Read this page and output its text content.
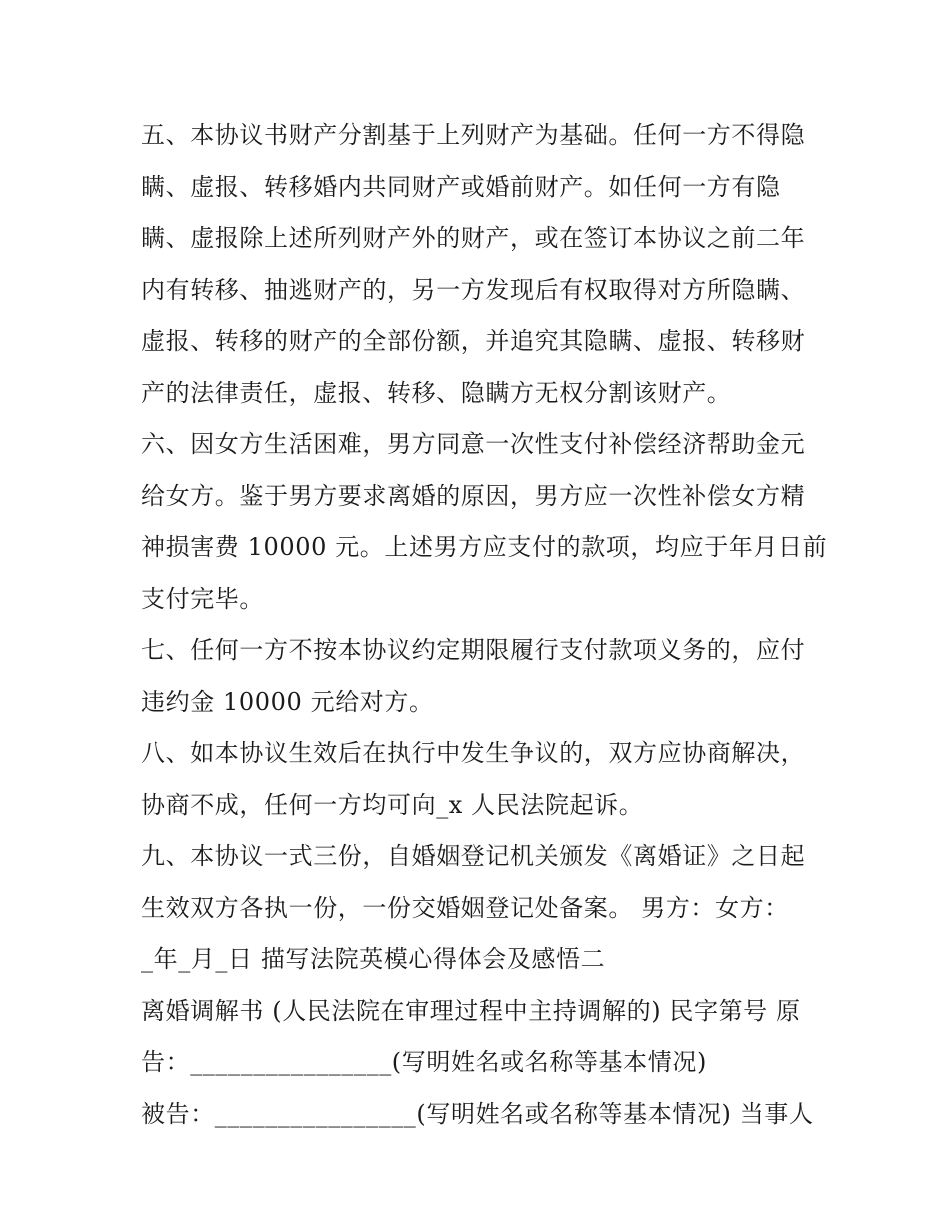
五、本协议书财产分割基于上列财产为基础。任何一方不得隐
瞒、虚报、转移婚内共同财产或婚前财产。如任何一方有隐
瞒、虚报除上述所列财产外的财产，或在签订本协议之前二年
内有转移、抽逃财产的，另一方发现后有权取得对方所隐瞒、
虚报、转移的财产的全部份额，并追究其隐瞒、虚报、转移财
产的法律责任，虚报、转移、隐瞒方无权分割该财产。
六、因女方生活困难，男方同意一次性支付补偿经济帮助金元
给女方。鉴于男方要求离婚的原因，男方应一次性补偿女方精
神损害费 10000 元。上述男方应支付的款项，均应于年月日前
支付完毕。
七、任何一方不按本协议约定期限履行支付款项义务的，应付
违约金 10000 元给对方。
八、如本协议生效后在执行中发生争议的，双方应协商解决，
协商不成，任何一方均可向_x 人民法院起诉。
九、本协议一式三份，自婚姻登记机关颁发《离婚证》之日起
生效双方各执一份，一份交婚姻登记处备案。 男方：女方：
_年_月_日 描写法院英模心得体会及感悟二
离婚调解书 (人民法院在审理过程中主持调解的) 民字第号 原
告：________________(写明姓名或名称等基本情况)
被告：________________(写明姓名或名称等基本情况) 当事人
